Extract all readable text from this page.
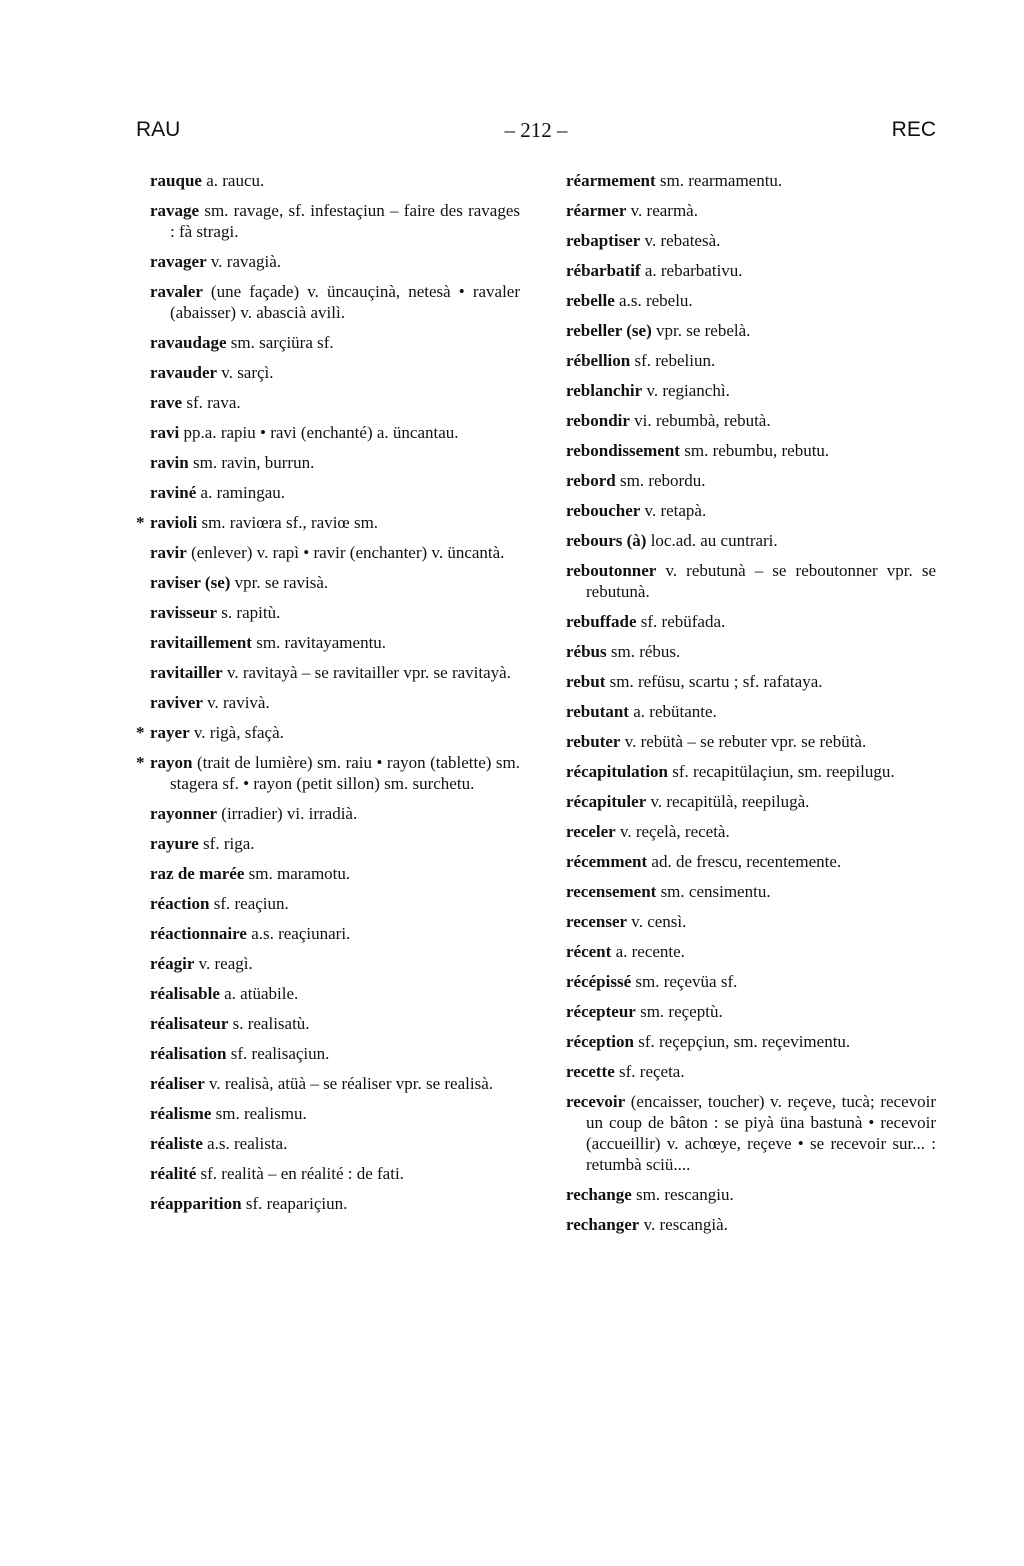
RAU	– 212 –	REC
rauque a. raucu.
ravage sm. ravage, sf. infestaçiun – faire des ravages : fà stragi.
ravager v. ravagià.
ravaler (une façade) v. üncauçinà, netesà • ravaler (abaisser) v. abascià avilì.
ravaudage sm. sarçiüra sf.
ravauder v. sarçì.
rave sf. rava.
ravi pp.a. rapiu • ravi (enchanté) a. üncantau.
ravin sm. ravin, burrun.
raviné a. ramingau.
* ravioli sm. raviœra sf., raviœ sm.
ravir (enlever) v. rapì • ravir (enchanter) v. üncantà.
raviser (se) vpr. se ravisà.
ravisseur s. rapitù.
ravitaillement sm. ravitayamentu.
ravitailler v. ravitayà – se ravitailler vpr. se ravitayà.
raviver v. ravivà.
* rayer v. rigà, sfaçà.
* rayon (trait de lumière) sm. raiu • rayon (tablette) sm. stagera sf. • rayon (petit sillon) sm. surchetu.
rayonner (irradier) vi. irradià.
rayure sf. riga.
raz de marée sm. maramotu.
réaction sf. reaçiun.
réactionnaire a.s. reaçiunari.
réagir v. reagì.
réalisable a. atüabile.
réalisateur s. realisatù.
réalisation sf. realisaçiun.
réaliser v. realisà, atüà – se réaliser vpr. se realisà.
réalisme sm. realismu.
réaliste a.s. realista.
réalité sf. realità – en réalité : de fati.
réapparition sf. reapariçiun.
réarmement sm. rearmamentu.
réarmer v. rearmà.
rebaptiser v. rebatesà.
rébarbatif a. rebarbativu.
rebelle a.s. rebelu.
rebeller (se) vpr. se rebelà.
rébellion sf. rebeliun.
reblanchir v. regianchì.
rebondir vi. rebumbà, rebutà.
rebondissement sm. rebumbu, rebutu.
rebord sm. rebordu.
reboucher v. retapà.
rebours (à) loc.ad. au cuntrari.
reboutonner v. rebutunà – se reboutonner vpr. se rebutunà.
rebuffade sf. rebüfada.
rébus sm. rébus.
rebut sm. refüsu, scartu ; sf. rafataya.
rebutant a. rebütante.
rebuter v. rebütà – se rebuter vpr. se rebütà.
récapitulation sf. recapitülaçiun, sm. reepilugu.
récapituler v. recapitülà, reepilugà.
receler v. reçelà, recetà.
récemment ad. de frescu, recentemente.
recensement sm. censimentu.
recenser v. censì.
récent a. recente.
récépissé sm. reçevüa sf.
récepteur sm. reçeptù.
réception sf. reçepçiun, sm. reçevimentu.
recette sf. reçeta.
recevoir (encaisser, toucher) v. reçeve, tucà; recevoir un coup de bâton : se piyà üna bastunà • recevoir (accueillir) v. achœye, reçeve • se recevoir sur... : retumbà sciü....
rechange sm. rescangiu.
rechanger v. rescangià.
